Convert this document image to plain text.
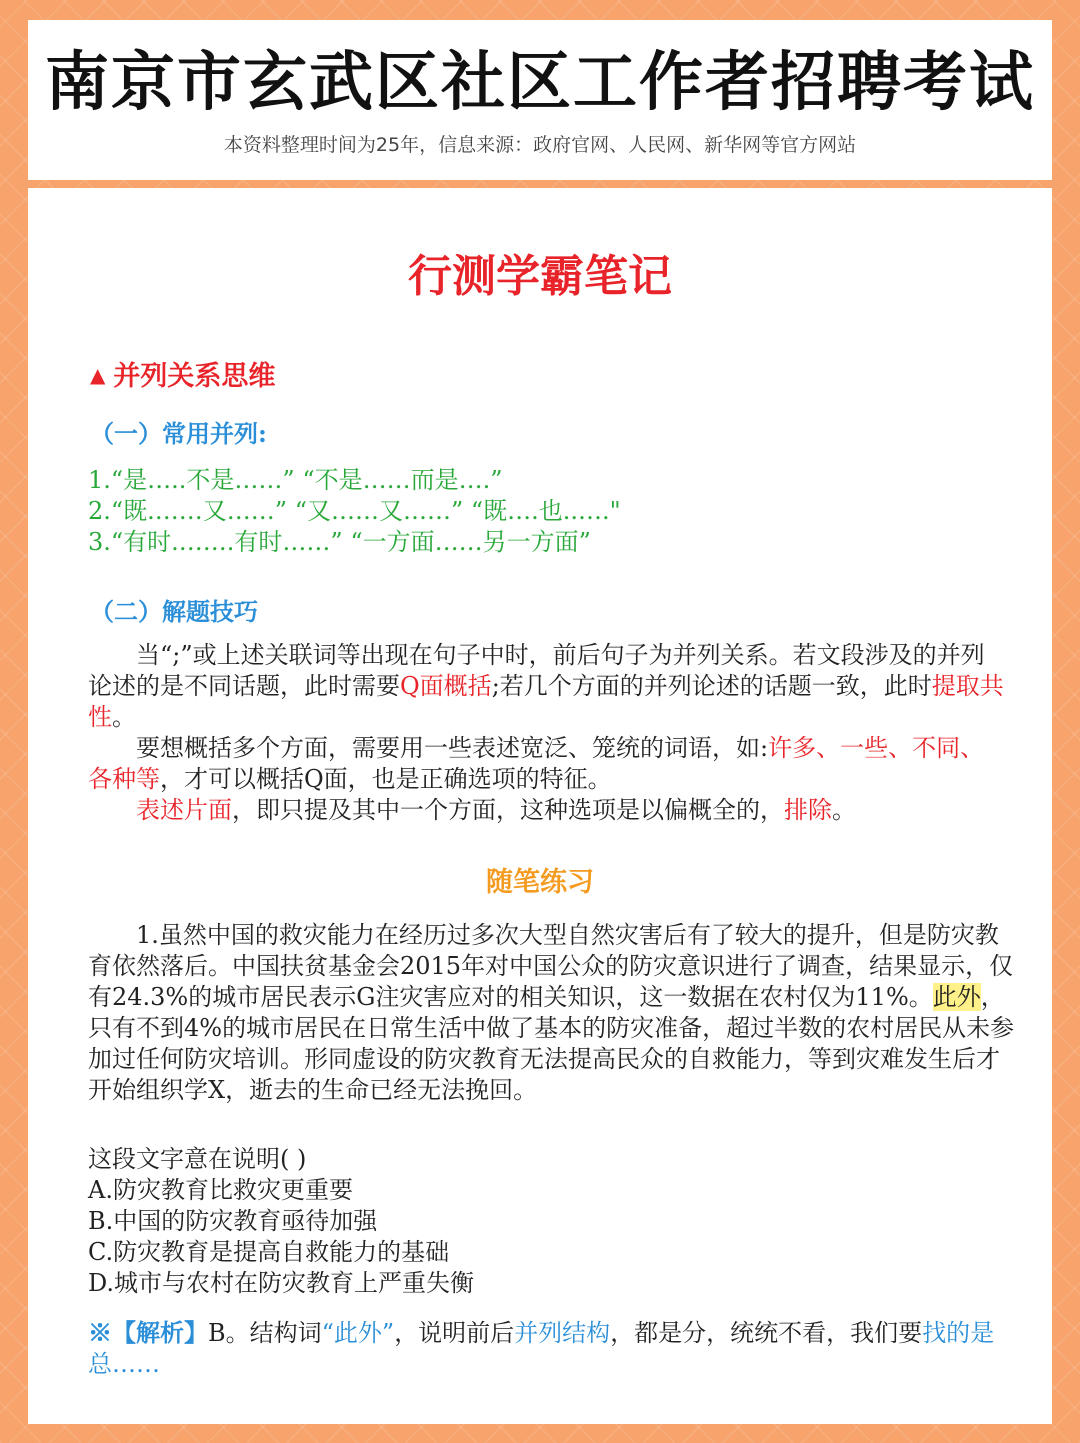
南京市玄武区社区工作者招聘考试

本资料整理时间为25年，信息来源：政府官网、人民网、新华网等官方网站

行测学霸笔记
▲ 并列关系思维
（一）常用并列:
1.“是…..不是……” “不是……而是….”
2.“既.……又……” “又……又……” “既….也..…."
3.“有时.…….有时……” “一方面……另一方面”
（二）解题技巧

当“;”或上述关联词等出现在句子中时，前后句子为并列关系。若文段涉及的并列论述的是不同话题，此时需要Q面概括;若几个方面的并列论述的话题一致，此时提取共性。

要想概括多个方面，需要用一些表述宽泛、笼统的词语，如:许多、一些、不同、各种等，才可以概括Q面，也是正确选项的特征。

表述片面，即只提及其中一个方面，这种选项是以偏概全的，排除。

随笔练习

1.虽然中国的救灾能力在经历过多次大型自然灾害后有了较大的提升，但是防灾教育依然落后。中国扶贫基金会2015年对中国公众的防灾意识进行了调查，结果显示，仅有24.3%的城市居民表示G注灾害应对的相关知识，这一数据在农村仅为11%。此外，只有不到4%的城市居民在日常生活中做了基本的防灾准备，超过半数的农村居民从未参加过任何防灾培训。形同虚设的防灾教育无法提高民众的自救能力，等到灾难发生后才开始组织学X，逝去的生命已经无法挽回。

这段文字意在说明( )

A.防灾教育比救灾更重要
B.中国的防灾教育亟待加强
C.防灾教育是提高自救能力的基础
D.城市与农村在防灾教育上严重失衡

※【解析】B。结构词“此外”，说明前后并列结构，都是分，统统不看，我们要找的是总……
